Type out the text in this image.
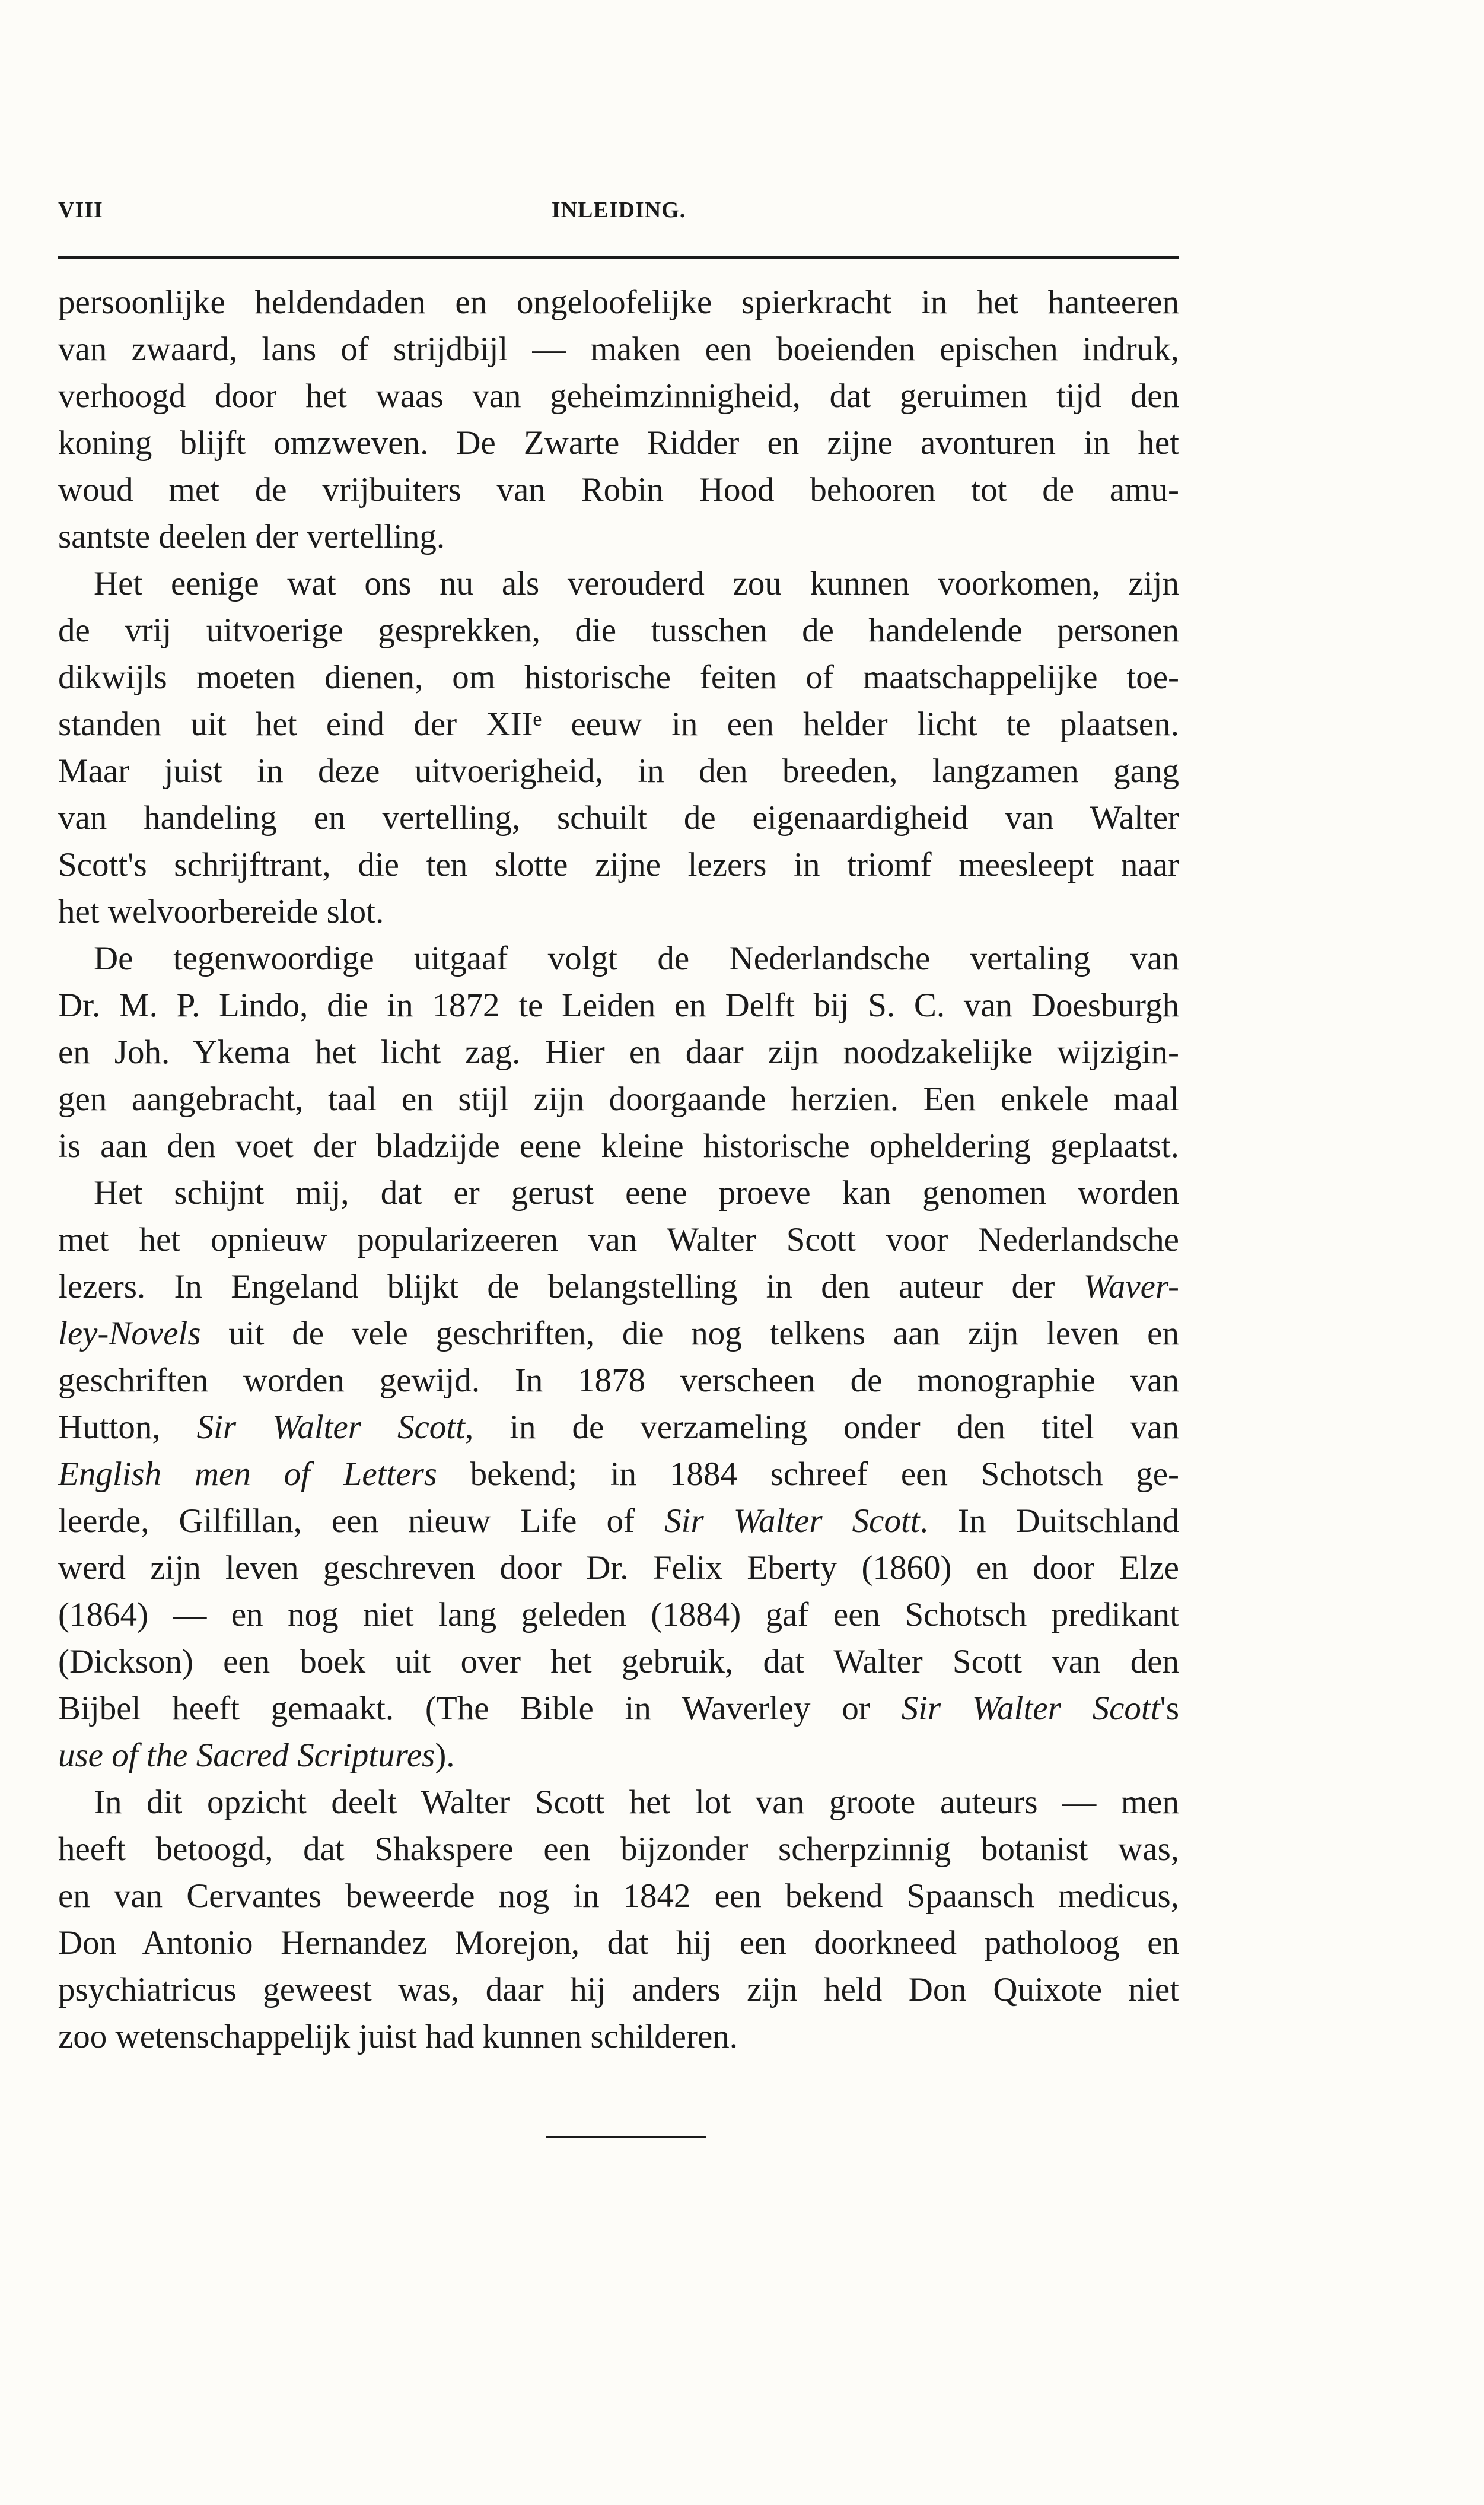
VIII	INLEIDING.

persoonlijke heldendaden en ongeloofelijke spierkracht in het hanteeren
van zwaard, lans of strijdbijl — maken een boeienden epischen indruk,
verhoogd door het waas van geheimzinnigheid, dat geruimen tijd den
koning blijft omzweven. De Zwarte Ridder en zijne avonturen in het
woud met de vrijbuiters van Robin Hood behooren tot de amu-
santste deelen der vertelling.

Het eenige wat ons nu als verouderd zou kunnen voorkomen, zijn
de vrij uitvoerige gesprekken, die tusschen de handelende personen
dikwijls moeten dienen, om historische feiten of maatschappelijke toe-
standen uit het eind der XIIᵉ eeuw in een helder licht te plaatsen.
Maar juist in deze uitvoerigheid, in den breeden, langzamen gang
van handeling en vertelling, schuilt de eigenaardigheid van Walter
Scott's schrijftrant, die ten slotte zijne lezers in triomf meesleept naar
het welvoorbereide slot.

De tegenwoordige uitgaaf volgt de Nederlandsche vertaling van
Dr. M. P. Lindo, die in 1872 te Leiden en Delft bij S. C. van Doesburgh
en Joh. Ykema het licht zag. Hier en daar zijn noodzakelijke wijzigin-
gen aangebracht, taal en stijl zijn doorgaande herzien. Een enkele maal
is aan den voet der bladzijde eene kleine historische opheldering geplaatst.

Het schijnt mij, dat er gerust eene proeve kan genomen worden
met het opnieuw popularizeeren van Walter Scott voor Nederlandsche
lezers. In Engeland blijkt de belangstelling in den auteur der Waver-
ley-Novels uit de vele geschriften, die nog telkens aan zijn leven en
geschriften worden gewijd. In 1878 verscheen de monographie van
Hutton, Sir Walter Scott, in de verzameling onder den titel van
English men of Letters bekend; in 1884 schreef een Schotsch ge-
leerde, Gilfillan, een nieuw Life of Sir Walter Scott. In Duitschland
werd zijn leven geschreven door Dr. Felix Eberty (1860) en door Elze
(1864) — en nog niet lang geleden (1884) gaf een Schotsch predikant
(Dickson) een boek uit over het gebruik, dat Walter Scott van den
Bijbel heeft gemaakt. (The Bible in Waverley or Sir Walter Scott's
use of the Sacred Scriptures).

In dit opzicht deelt Walter Scott het lot van groote auteurs — men
heeft betoogd, dat Shakspere een bijzonder scherpzinnig botanist was,
en van Cervantes beweerde nog in 1842 een bekend Spaansch medicus,
Don Antonio Hernandez Morejon, dat hij een doorkneed patholoog en
psychiatricus geweest was, daar hij anders zijn held Don Quixote niet
zoo wetenschappelijk juist had kunnen schilderen.
